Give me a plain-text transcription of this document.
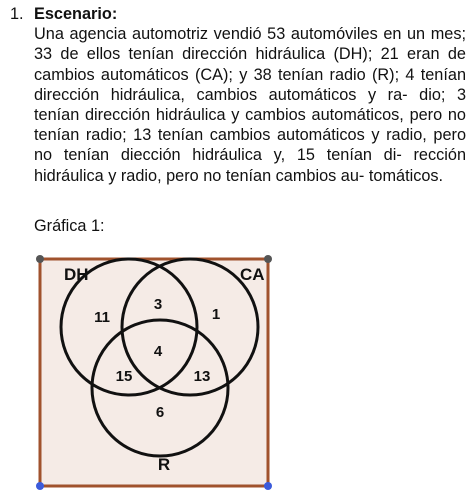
1. Escenario:
Una agencia automotriz vendió 53 automóviles en un mes; 33 de ellos tenían dirección hidráulica (DH); 21 eran de cambios automáticos (CA); y 38 tenían radio (R); 4 tenían dirección hidráulica, cambios automáticos y ra- dio; 3 tenían dirección hidráulica y cambios automáticos, pero no tenían radio; 13 tenían cambios automáticos y radio, pero no tenían diección hidráulica y, 15 tenían di- rección hidráulica y radio, pero no tenían cambios au- tomáticos.
Gráfica 1:
DH	CA
R
11
3
1
4
15	13
6
